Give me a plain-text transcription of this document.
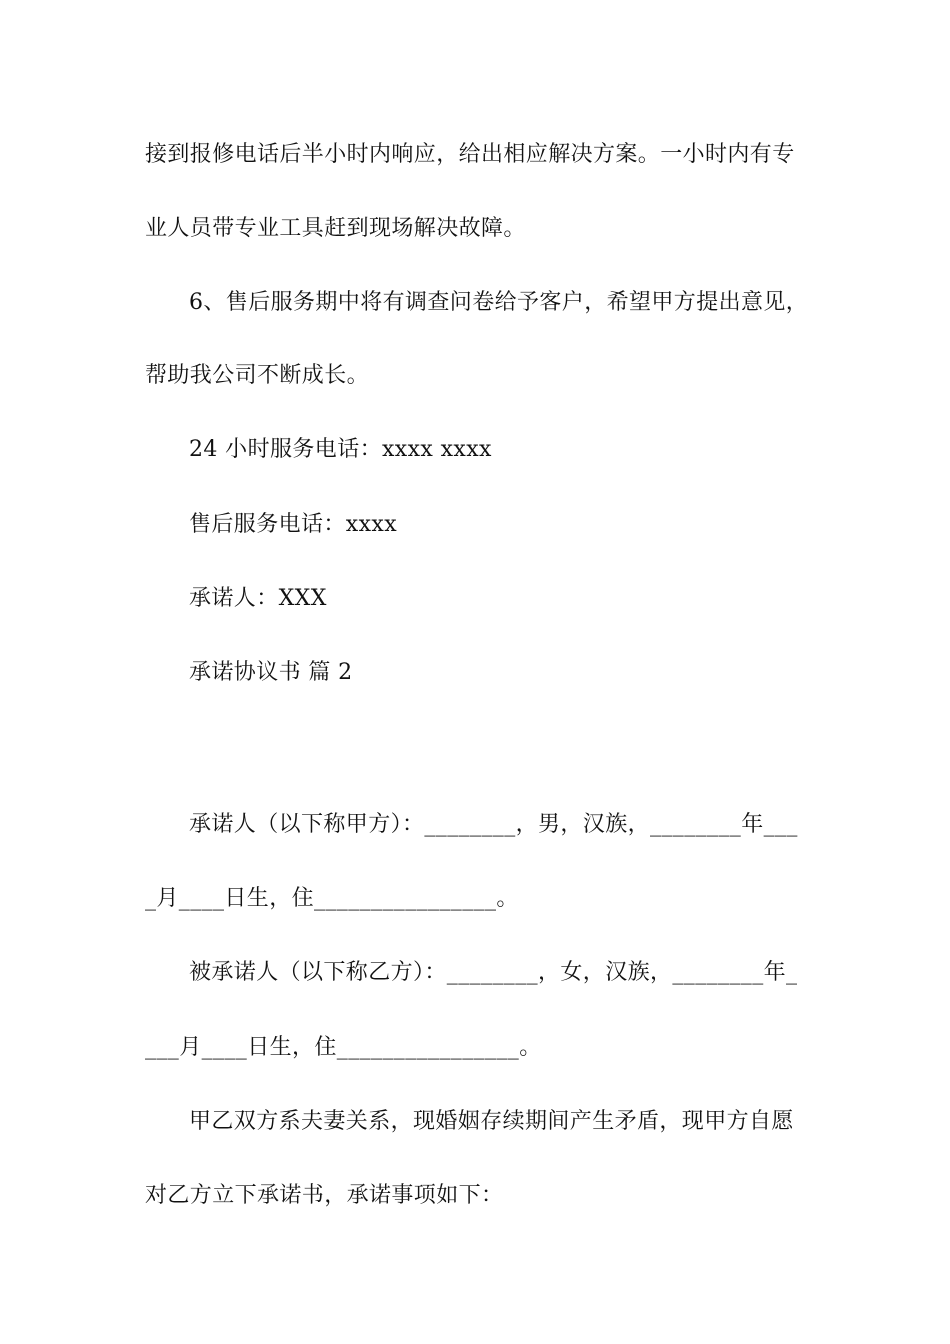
接到报修电话后半小时内响应，给出相应解决方案。一小时内有专
业人员带专业工具赶到现场解决故障。
6、售后服务期中将有调查问卷给予客户，希望甲方提出意见，
帮助我公司不断成长。
24 小时服务电话：xxxx xxxx
售后服务电话：xxxx
承诺人：XXX
承诺协议书 篇 2
承诺人（以下称甲方）：________，男，汉族，________年___
_月____日生，住________________。
被承诺人（以下称乙方）：________，女，汉族，________年_
___月____日生，住________________。
甲乙双方系夫妻关系，现婚姻存续期间产生矛盾，现甲方自愿
对乙方立下承诺书，承诺事项如下：
